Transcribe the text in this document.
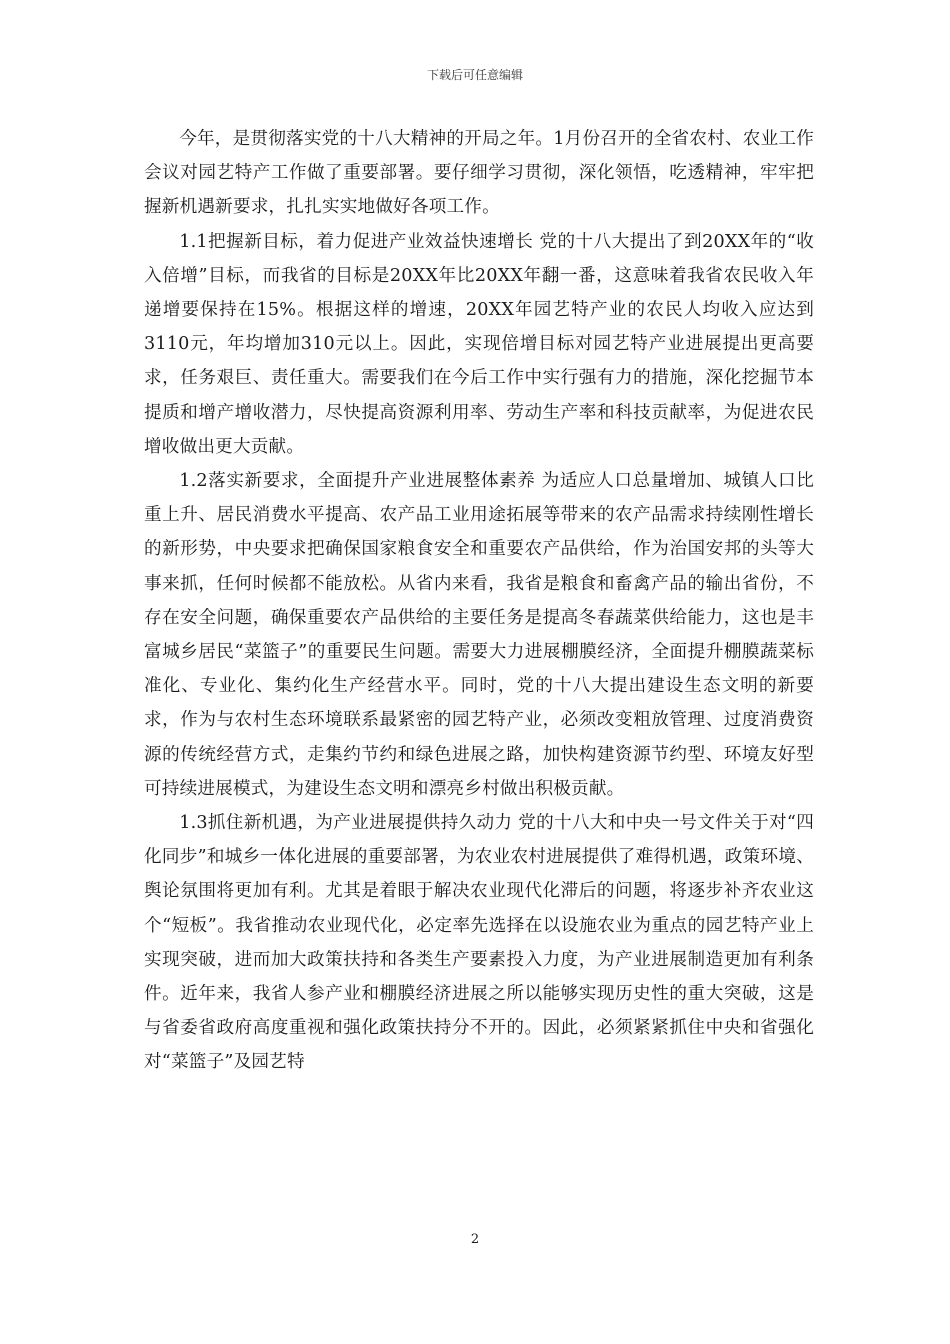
下载后可任意编辑

今年，是贯彻落实党的十八大精神的开局之年。1月份召开的全省农村、农业工作会议对园艺特产工作做了重要部署。要仔细学习贯彻，深化领悟，吃透精神，牢牢把握新机遇新要求，扎扎实实地做好各项工作。

1.1把握新目标，着力促进产业效益快速增长 党的十八大提出了到20XX年的“收入倍增”目标，而我省的目标是20XX年比20XX年翻一番，这意味着我省农民收入年递增要保持在15%。根据这样的增速，20XX年园艺特产业的农民人均收入应达到3110元，年均增加310元以上。因此，实现倍增目标对园艺特产业进展提出更高要求，任务艰巨、责任重大。需要我们在今后工作中实行强有力的措施，深化挖掘节本提质和增产增收潜力，尽快提高资源利用率、劳动生产率和科技贡献率，为促进农民增收做出更大贡献。

1.2落实新要求，全面提升产业进展整体素养 为适应人口总量增加、城镇人口比重上升、居民消费水平提高、农产品工业用途拓展等带来的农产品需求持续刚性增长的新形势，中央要求把确保国家粮食安全和重要农产品供给，作为治国安邦的头等大事来抓，任何时候都不能放松。从省内来看，我省是粮食和畜禽产品的输出省份，不存在安全问题，确保重要农产品供给的主要任务是提高冬春蔬菜供给能力，这也是丰富城乡居民“菜篮子”的重要民生问题。需要大力进展棚膜经济，全面提升棚膜蔬菜标准化、专业化、集约化生产经营水平。同时，党的十八大提出建设生态文明的新要求，作为与农村生态环境联系最紧密的园艺特产业，必须改变粗放管理、过度消费资源的传统经营方式，走集约节约和绿色进展之路，加快构建资源节约型、环境友好型可持续进展模式，为建设生态文明和漂亮乡村做出积极贡献。

1.3抓住新机遇，为产业进展提供持久动力 党的十八大和中央一号文件关于对“四化同步”和城乡一体化进展的重要部署，为农业农村进展提供了难得机遇，政策环境、舆论氛围将更加有利。尤其是着眼于解决农业现代化滞后的问题，将逐步补齐农业这个“短板”。我省推动农业现代化，必定率先选择在以设施农业为重点的园艺特产业上实现突破，进而加大政策扶持和各类生产要素投入力度，为产业进展制造更加有利条件。近年来，我省人参产业和棚膜经济进展之所以能够实现历史性的重大突破，这是与省委省政府高度重视和强化政策扶持分不开的。因此，必须紧紧抓住中央和省强化对“菜篮子”及园艺特

2
